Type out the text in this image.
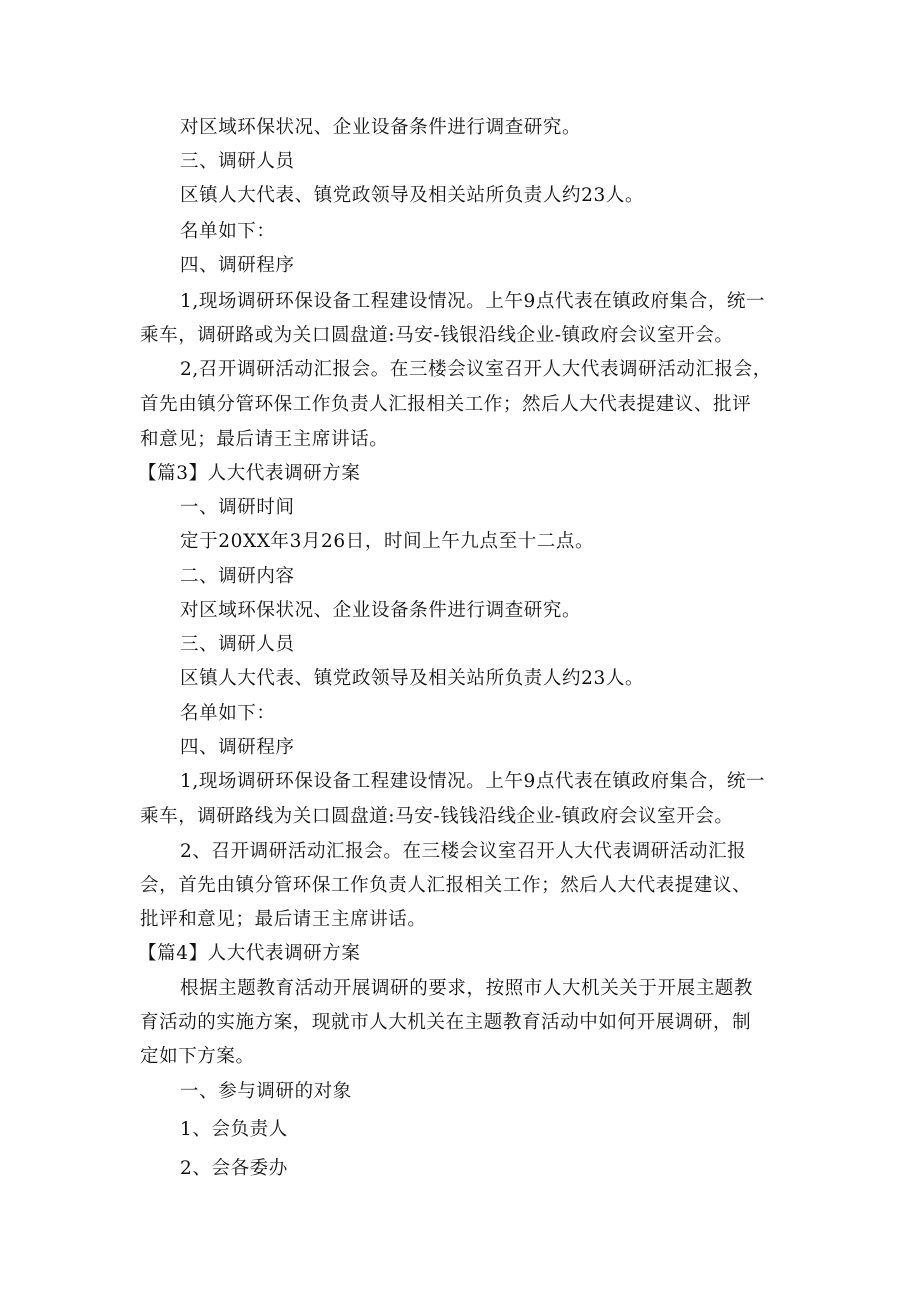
对区域环保状况、企业设备条件进行调查研究。
三、调研人员
区镇人大代表、镇党政领导及相关站所负责人约23人。
名单如下：
四、调研程序
1,现场调研环保设备工程建设情况。上午9点代表在镇政府集合，统一
乘车，调研路或为关口圆盘道:马安-钱银沿线企业-镇政府会议室开会。
2,召开调研活动汇报会。在三楼会议室召开人大代表调研活动汇报会，
首先由镇分管环保工作负责人汇报相关工作；然后人大代表提建议、批评
和意见；最后请王主席讲话。
【篇3】人大代表调研方案
一、调研时间
定于20XX年3月26日，时间上午九点至十二点。
二、调研内容
对区域环保状况、企业设备条件进行调查研究。
三、调研人员
区镇人大代表、镇党政领导及相关站所负责人约23人。
名单如下：
四、调研程序
1,现场调研环保设备工程建设情况。上午9点代表在镇政府集合，统一
乘车，调研路线为关口圆盘道:马安-钱钱沿线企业-镇政府会议室开会。
2、召开调研活动汇报会。在三楼会议室召开人大代表调研活动汇报
会，首先由镇分管环保工作负责人汇报相关工作；然后人大代表提建议、
批评和意见；最后请王主席讲话。
【篇4】人大代表调研方案
根据主题教育活动开展调研的要求，按照市人大机关关于开展主题教
育活动的实施方案，现就市人大机关在主题教育活动中如何开展调研，制
定如下方案。
一、参与调研的对象
1、会负责人
2、会各委办
